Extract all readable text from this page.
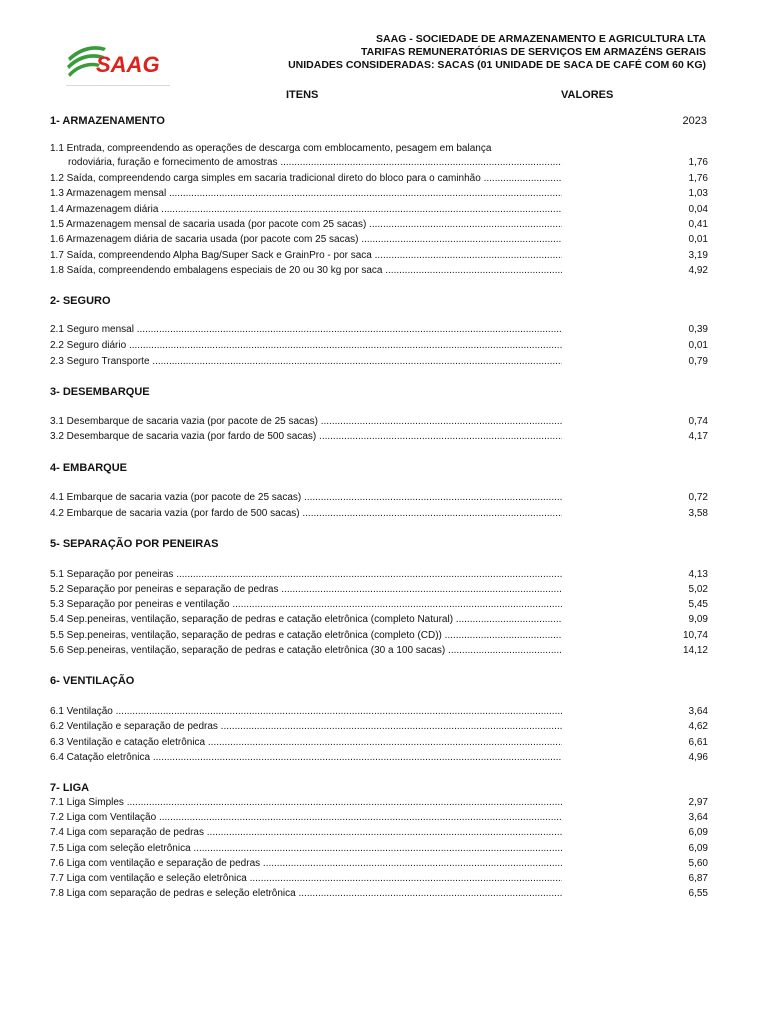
SAAG
SAAG - SOCIEDADE DE ARMAZENAMENTO E AGRICULTURA LTA
TARIFAS REMUNERATÓRIAS DE SERVIÇOS EM ARMAZÉNS GERAIS
UNIDADES CONSIDERADAS: SACAS (01 UNIDADE DE SACA DE CAFÉ COM 60 KG)
ITENS	VALORES
1- ARMAZENAMENTO	2023
1.1 Entrada, compreendendo as operações de descarga com emblocamento, pesagem em balança
rodoviária, furação e fornecimento de amostras .....	1,76
1.2 Saída, compreendendo carga simples em sacaria tradicional direto do bloco para o caminhão .....	1,76
1.3 Armazenagem mensal .....	1,03
1.4 Armazenagem diária .....	0,04
1.5 Armazenagem mensal de sacaria usada (por pacote com 25 sacas) .....	0,41
1.6 Armazenagem diária de sacaria usada (por pacote com 25 sacas) .....	0,01
1.7 Saída, compreendendo Alpha Bag/Super Sack e GrainPro - por saca .....	3,19
1.8 Saída, compreendendo embalagens especiais de 20 ou 30 kg por saca .....	4,92
2- SEGURO
2.1 Seguro mensal .....	0,39
2.2 Seguro diário .....	0,01
2.3 Seguro Transporte .....	0,79
3- DESEMBARQUE
3.1 Desembarque de sacaria vazia (por pacote de 25 sacas) .....	0,74
3.2 Desembarque de sacaria vazia (por fardo de 500 sacas) .....	4,17
4- EMBARQUE
4.1 Embarque de sacaria vazia (por pacote de 25 sacas) .....	0,72
4.2 Embarque de sacaria vazia (por fardo de 500 sacas) .....	3,58
5- SEPARAÇÃO POR PENEIRAS
5.1 Separação por peneiras .....	4,13
5.2 Separação por peneiras e separação de pedras .....	5,02
5.3 Separação por peneiras e ventilação .....	5,45
5.4 Sep.peneiras, ventilação, separação de pedras e catação eletrônica (completo Natural) .....	9,09
5.5 Sep.peneiras, ventilação, separação de pedras e catação eletrônica (completo (CD)) .....	10,74
5.6 Sep.peneiras, ventilação, separação de pedras e catação eletrônica (30 a 100 sacas) .....	14,12
6- VENTILAÇÃO
6.1 Ventilação .....	3,64
6.2 Ventilação e separação de pedras .....	4,62
6.3 Ventilação e catação eletrônica .....	6,61
6.4 Catação eletrônica .....	4,96
7- LIGA
7.1 Liga Simples .....	2,97
7.2 Liga com Ventilação .....	3,64
7.4 Liga com separação de pedras .....	6,09
7.5 Liga com seleção eletrônica .....	6,09
7.6 Liga com ventilação e separação de pedras .....	5,60
7.7 Liga com ventilação e seleção eletrônica .....	6,87
7.8 Liga com separação de pedras e seleção eletrônica .....	6,55
